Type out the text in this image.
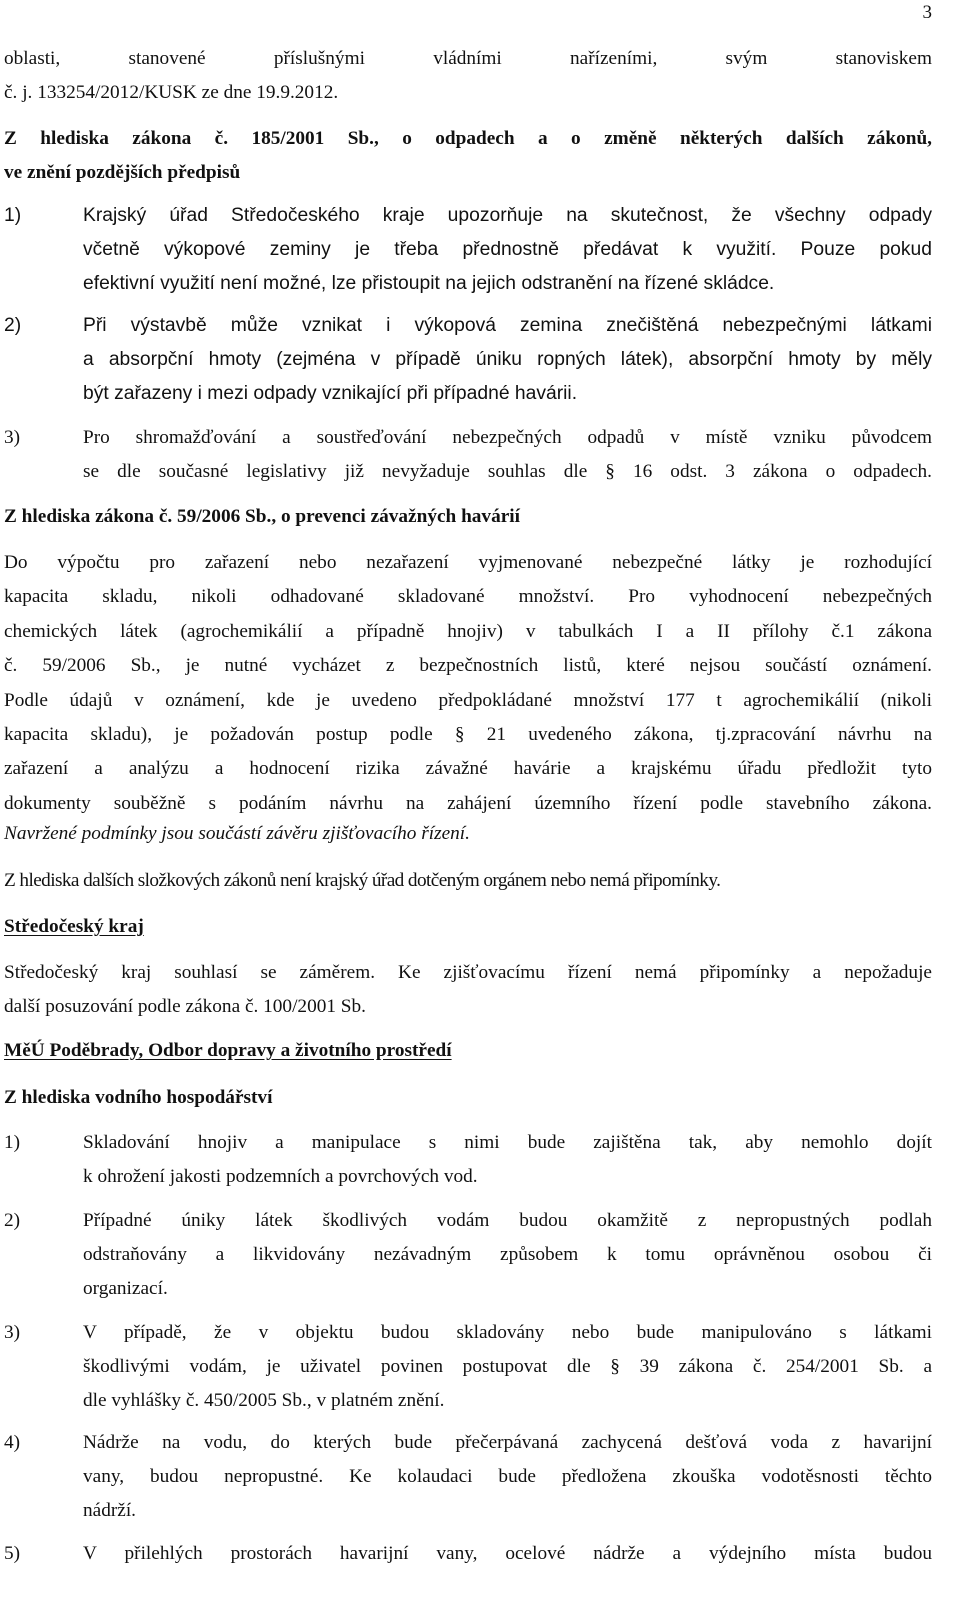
3
oblasti, stanovené příslušnými vládními nařízeními, svým stanoviskem
č. j. 133254/2012/KUSK ze dne 19.9.2012.
Z hlediska zákona č. 185/2001 Sb., o odpadech a o změně některých dalších zákonů,
ve znění pozdějších předpisů
1)	Krajský úřad Středočeského kraje upozorňuje na skutečnost, že všechny odpady
včetně výkopové zeminy je třeba přednostně předávat k využití. Pouze pokud
efektivní využití není možné, lze přistoupit na jejich odstranění na řízené skládce.
2)	Při výstavbě může vznikat i výkopová zemina znečištěná nebezpečnými látkami
a absorpční hmoty (zejména v případě úniku ropných látek), absorpční hmoty by měly
být zařazeny i mezi odpady vznikající při případné havárii.
3)	Pro shromažďování a soustřeďování nebezpečných odpadů v místě vzniku původcem
se dle současné legislativy již nevyžaduje souhlas dle § 16 odst. 3 zákona o odpadech.
Z hlediska zákona č. 59/2006 Sb., o prevenci závažných havárií
Do výpočtu pro zařazení nebo nezařazení vyjmenované nebezpečné látky je rozhodující
kapacita skladu, nikoli odhadované skladované množství. Pro vyhodnocení nebezpečných
chemických látek (agrochemikálií a případně hnojiv) v tabulkách I a II přílohy č.1 zákona
č. 59/2006 Sb., je nutné vycházet z bezpečnostních listů, které nejsou součástí oznámení.
Podle údajů v oznámení, kde je uvedeno předpokládané množství 177 t agrochemikálií (nikoli
kapacita skladu), je požadován postup podle § 21 uvedeného zákona, tj.zpracování návrhu na
zařazení a analýzu a hodnocení rizika závažné havárie a krajskému úřadu předložit tyto
dokumenty souběžně s podáním návrhu na zahájení územního řízení podle stavebního zákona.
Navržené podmínky jsou součástí závěru zjišťovacího řízení.
Z hlediska dalších složkových zákonů není krajský úřad dotčeným orgánem nebo nemá připomínky.
Středočeský kraj
Středočeský kraj souhlasí se záměrem. Ke zjišťovacímu řízení nemá připomínky a nepožaduje
další posuzování podle zákona č. 100/2001 Sb.
MěÚ Poděbrady, Odbor dopravy a životního prostředí
Z hlediska vodního hospodářství
1)	Skladování hnojiv a manipulace s nimi bude zajištěna tak, aby nemohlo dojít
k ohrožení jakosti podzemních a povrchových vod.
2)	Případné úniky látek škodlivých vodám budou okamžitě z nepropustných podlah
odstraňovány a likvidovány nezávadným způsobem k tomu oprávněnou osobou či
organizací.
3)	V případě, že v objektu budou skladovány nebo bude manipulováno s látkami
škodlivými vodám, je uživatel povinen postupovat dle § 39 zákona č. 254/2001 Sb. a
dle vyhlášky č. 450/2005 Sb., v platném znění.
4)	Nádrže na vodu, do kterých bude přečerpávaná zachycená dešťová voda z havarijní
vany, budou nepropustné. Ke kolaudaci bude předložena zkouška vodotěsnosti těchto
nádrží.
5)	V přilehlých prostorách havarijní vany, ocelové nádrže a výdejního místa budou
